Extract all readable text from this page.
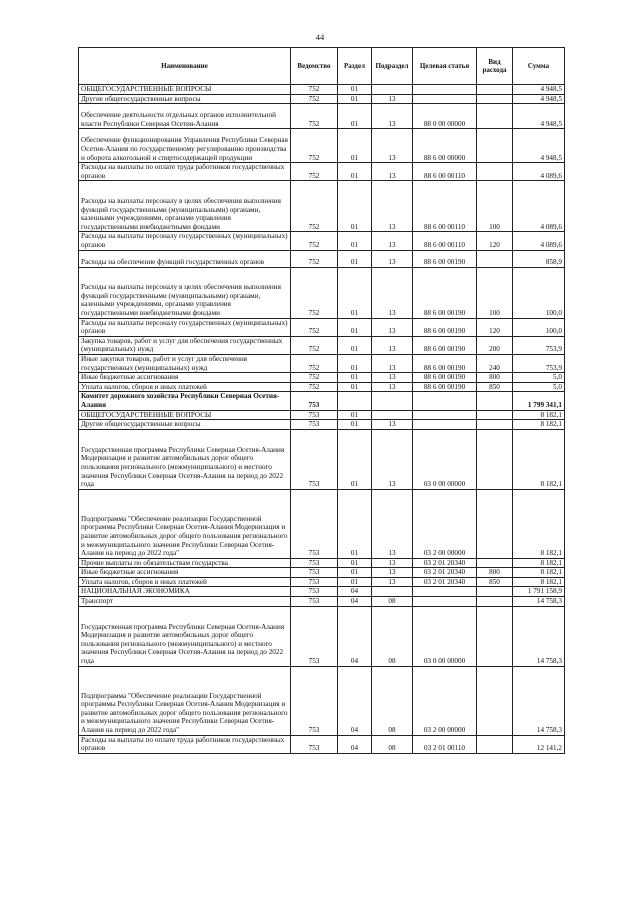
44
Наименование	Ведомство	Раздел	Подраздел	Целевая статья	Вид расхода	Сумма
ОБЩЕГОСУДАРСТВЕННЫЕ ВОПРОСЫ	752	01				4 948,5
Другие общегосударственные вопросы	752	01	13			4 948,5
Обеспечение деятельности отдельных органов исполнительной власти Республики Северная Осетия-Алания	752	01	13	88 0 00 00000		4 948,5
Обеспечение функционирования Управления Республики Северная Осетия-Алания по государственному регулированию производства и оборота алкогольной и спиртосодержащей продукции	752	01	13	88 6 00 00000		4 948,5
Расходы на выплаты по оплате труда работников государственных органов	752	01	13	88 6 00 00110		4 089,6
Расходы на выплаты персоналу в целях обеспечения выполнения функций государственными (муниципальными) органами, казенными учреждениями, органами управления государственными внебюджетными фондами	752	01	13	88 6 00 00110	100	4 089,6
Расходы на выплаты персоналу государственных (муниципальных) органов	752	01	13	88 6 00 00110	120	4 089,6
Расходы на обеспечение функций государственных органов	752	01	13	88 6 00 00190		858,9
Расходы на выплаты персоналу в целях обеспечения выполнения функций государственными (муниципальными) органами, казенными учреждениями, органами управления государственными внебюджетными фондами	752	01	13	88 6 00 00190	100	100,0
Расходы на выплаты персоналу государственных (муниципальных) органов	752	01	13	88 6 00 00190	120	100,0
Закупка товаров, работ и услуг для обеспечения государственных (муниципальных) нужд	752	01	13	88 6 00 00190	200	753,9
Иные закупки товаров, работ и услуг для обеспечения государственных (муниципальных) нужд	752	01	13	88 6 00 00190	240	753,9
Иные бюджетные ассигнования	752	01	13	88 6 00 00190	800	5,0
Уплата налогов, сборов и иных платежей	752	01	13	88 6 00 00190	850	5,0
Комитет дорожного хозяйства Республики Северная Осетия-Алания	753					1 799 341,1
ОБЩЕГОСУДАРСТВЕННЫЕ ВОПРОСЫ	753	01				8 182,1
Другие общегосударственные вопросы	753	01	13			8 182,1
Государственная программа Республики Северная Осетия-Алания Модернизация и развитие автомобильных дорог общего пользования регионального (межмуниципального) и местного значения Республики Северная Осетия-Алания на период до 2022 года	753	01	13	03 0 00 00000		8 182,1
Подпрограмма "Обеспечение реализации Государственной программы Республики Северная Осетия-Алания Модернизация и развитие автомобильных дорог общего пользования регионального и межмуниципального значения Республики Северная Осетия-Алания на период до 2022 года"	753	01	13	03 2 00 00000		8 182,1
Прочие выплаты по обязательствам государства	753	01	13	03 2 01 20340		8 182,1
Иные бюджетные ассигнования	753	01	13	03 2 01 20340	800	8 182,1
Уплата налогов, сборов и иных платежей	753	01	13	03 2 01 20340	850	8 182,1
НАЦИОНАЛЬНАЯ ЭКОНОМИКА	753	04				1 791 158,9
Транспорт	753	04	08			14 758,3
Государственная программа Республики Северная Осетия-Алания Модернизация и развитие автомобильных дорог общего пользования регионального (межмуниципального) и местного значения Республики Северная Осетия-Алания на период до 2022 года	753	04	08	03 0 00 00000		14 758,3
Подпрограмма "Обеспечение реализации Государственной программы Республики Северная Осетия-Алания Модернизация и развитие автомобильных дорог общего пользования регионального и межмуниципального значения Республики Северная Осетия-Алания на период до 2022 года"	753	04	08	03 2 00 00000		14 758,3
Расходы на выплаты по оплате труда работников государственных органов	753	04	08	03 2 01 00110		12 141,2
